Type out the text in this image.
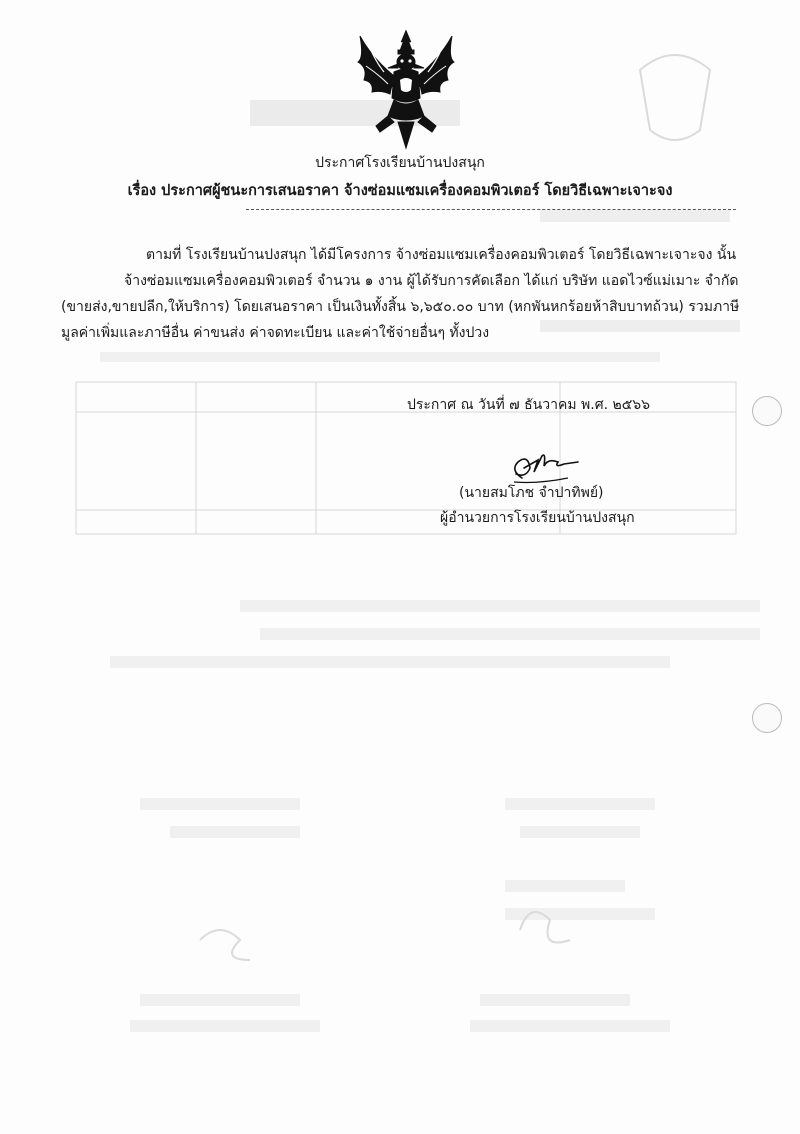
ประกาศโรงเรียนบ้านปงสนุก
เรื่อง ประกาศผู้ชนะการเสนอราคา จ้างซ่อมแซมเครื่องคอมพิวเตอร์ โดยวิธีเฉพาะเจาะจง
ตามที่ โรงเรียนบ้านปงสนุก ได้มีโครงการ จ้างซ่อมแซมเครื่องคอมพิวเตอร์ โดยวิธีเฉพาะเจาะจง นั้น
จ้างซ่อมแซมเครื่องคอมพิวเตอร์ จำนวน ๑ งาน ผู้ได้รับการคัดเลือก ได้แก่ บริษัท แอดไวซ์แม่เมาะ จำกัด
(ขายส่ง,ขายปลีก,ให้บริการ) โดยเสนอราคา เป็นเงินทั้งสิ้น ๖,๖๕๐.๐๐ บาท (หกพันหกร้อยห้าสิบบาทถ้วน) รวมภาษี
มูลค่าเพิ่มและภาษีอื่น ค่าขนส่ง ค่าจดทะเบียน และค่าใช้จ่ายอื่นๆ ทั้งปวง
ประกาศ ณ วันที่ ๗ ธันวาคม พ.ศ. ๒๕๖๖
(นายสมโภช จำปาทิพย์)
ผู้อำนวยการโรงเรียนบ้านปงสนุก
